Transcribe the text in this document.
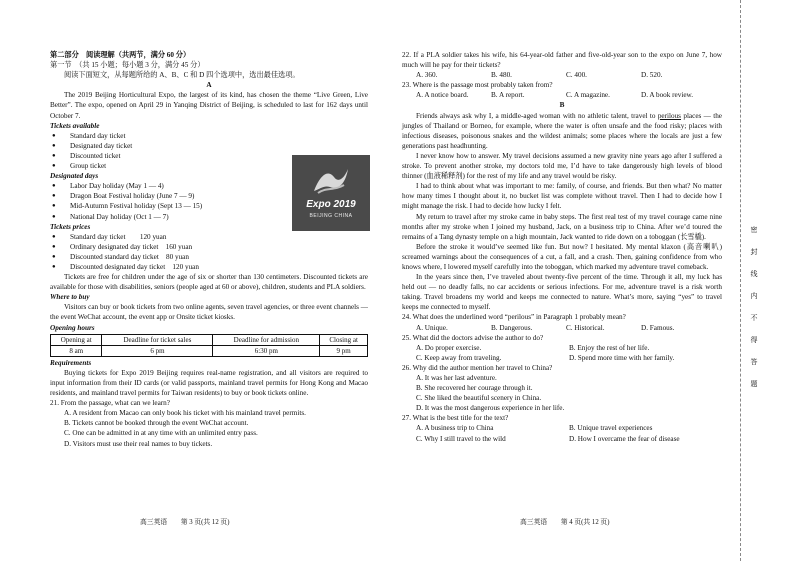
第二部分　阅读理解（共两节，满分 60 分）

第一节　（共 15 小题；每小题 3 分，满分 45 分）

阅读下面短文，从每题所给的 A、B、C 和 D 四个选项中，选出最佳选项。

A

The 2019 Beijing Horticultural Expo, the largest of its kind, has chosen the theme “Live Green, Live Better”. The expo, opened on April 29 in Yanqing District of Beijing, is scheduled to last for 162 days until October 7.

Tickets available

● Standard day ticket

● Designated day ticket

● Discounted ticket

● Group ticket

Designated days

● Labor Day holiday (May 1 — 4)

● Dragon Boat Festival holiday (June 7 — 9)

● Mid-Autumn Festival holiday (Sept 13 — 15)

● National Day holiday (Oct 1 — 7)

Tickets prices

● Standard day ticket　　120 yuan

● Ordinary designated day ticket　160 yuan

● Discounted standard day ticket　80 yuan

● Discounted designated day ticket　120 yuan

Tickets are free for children under the age of six or shorter than 130 centimeters. Discounted tickets are available for those with disabilities, seniors (people aged at 60 or above), children, students and PLA soldiers.

Where to buy

Visitors can buy or book tickets from two online agents, seven travel agencies, or three event channels — the event WeChat account, the event app or Onsite ticket kiosks.

Opening hours

Opening at	Deadline for ticket sales	Deadline for admission	Closing at
8 am	6 pm	6:30 pm	9 pm

Requirements

Buying tickets for Expo 2019 Beijing requires real-name registration, and all visitors are required to input information from their ID cards (or valid passports, mainland travel permits for Hong Kong and Macao residents, and mainland travel permits for Taiwan residents) to buy or book tickets online.

21. From the passage, what can we learn?

A. A resident from Macao can only book his ticket with his mainland travel permits.

B. Tickets cannot be booked through the event WeChat account.

C. One can be admitted in at any time with an unlimited entry pass.

D. Visitors must use their real names to buy tickets.

Expo 2019
BEIJING CHINA
高三英语　　第 3 页(共 12 页)

22. If a PLA soldier takes his wife, his 64-year-old father and five-old-year son to the expo on June 7, how much will he pay for their tickets?

A. 360.	B. 480.	C. 400.	D. 520.

23. Where is the passage most probably taken from?

A. A notice board.	B. A report.	C. A magazine.	D. A book review.

B

Friends always ask why I, a middle-aged woman with no athletic talent, travel to perilous places — the jungles of Thailand or Borneo, for example, where the water is often unsafe and the food risky; places with infectious diseases, poisonous snakes and the wildest animals; some places where the locals are just a few generations past headhunting.

I never know how to answer. My travel decisions assumed a new gravity nine years ago after I suffered a stroke. To prevent another stroke, my doctors told me, I’d have to take dangerously high levels of blood thinner (血液稀释剂) for the rest of my life and any travel would be risky.

I had to think about what was important to me: family, of course, and friends. But then what? No matter how many times I thought about it, no bucket list was complete without travel. Then I had to decide how I might manage the risk. I had to decide how lucky I felt.

My return to travel after my stroke came in baby steps. The first real test of my travel courage came nine months after my stroke when I joined my husband, Jack, on a business trip to China. After we’d toured the remains of a Tang dynasty temple on a high mountain, Jack wanted to ride down on a toboggan (长雪橇).

Before the stroke it would’ve seemed like fun. But now? I hesitated. My mental klaxon (高音喇叭) screamed warnings about the consequences of a cut, a fall, and a crash. Then, gaining confidence from who knows where, I lowered myself carefully into the toboggan, which marked my adventure travel comeback.

In the years since then, I’ve traveled about twenty-five percent of the time. Through it all, my luck has held out — no deadly falls, no car accidents or serious infections. For me, adventure travel is a risk worth taking. Travel broadens my world and keeps me connected to nature. What’s more, saying “yes” to travel keeps me connected to myself.

24. What does the underlined word “perilous” in Paragraph 1 probably mean?

A. Unique.	B. Dangerous.	C. Historical.	D. Famous.

25. What did the doctors advise the author to do?

A. Do proper exercise.	B. Enjoy the rest of her life.
C. Keep away from traveling.	D. Spend more time with her family.

26. Why did the author mention her travel to China?

A. It was her last adventure.

B. She recovered her courage through it.

C. She liked the beautiful scenery in China.

D. It was the most dangerous experience in her life.

27. What is the best title for the text?

A. A business trip to China	B. Unique travel experiences
C. Why I still travel to the wild	D. How I overcame the fear of disease
高三英语　　第 4 页(共 12 页)
密
封
线
内
不
得
答
题
